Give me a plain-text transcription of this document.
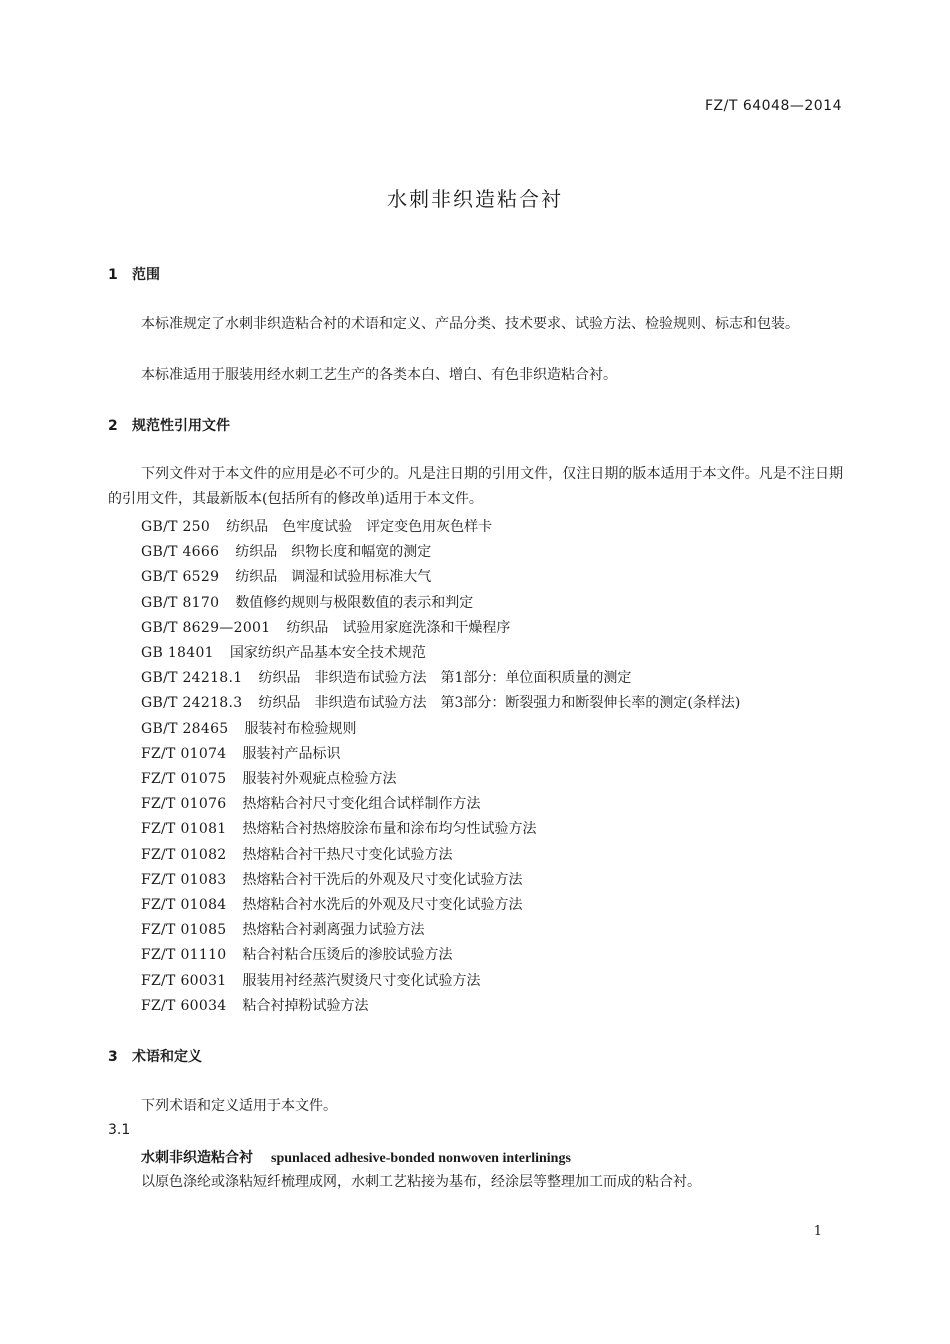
FZ/T 64048—2014
水刺非织造粘合衬
1 范围
本标准规定了水刺非织造粘合衬的术语和定义、产品分类、技术要求、试验方法、检验规则、标志和包装。
本标准适用于服装用经水刺工艺生产的各类本白、增白、有色非织造粘合衬。
2 规范性引用文件
下列文件对于本文件的应用是必不可少的。凡是注日期的引用文件，仅注日期的版本适用于本文件。凡是不注日期的引用文件，其最新版本(包括所有的修改单)适用于本文件。
GB/T 250 纺织品　色牢度试验　评定变色用灰色样卡
GB/T 4666 纺织品　织物长度和幅宽的测定
GB/T 6529 纺织品　调湿和试验用标准大气
GB/T 8170 数值修约规则与极限数值的表示和判定
GB/T 8629—2001 纺织品　试验用家庭洗涤和干燥程序
GB 18401 国家纺织产品基本安全技术规范
GB/T 24218.1 纺织品　非织造布试验方法　第1部分：单位面积质量的测定
GB/T 24218.3 纺织品　非织造布试验方法　第3部分：断裂强力和断裂伸长率的测定(条样法)
GB/T 28465 服装衬布检验规则
FZ/T 01074 服装衬产品标识
FZ/T 01075 服装衬外观疵点检验方法
FZ/T 01076 热熔粘合衬尺寸变化组合试样制作方法
FZ/T 01081 热熔粘合衬热熔胶涂布量和涂布均匀性试验方法
FZ/T 01082 热熔粘合衬干热尺寸变化试验方法
FZ/T 01083 热熔粘合衬干洗后的外观及尺寸变化试验方法
FZ/T 01084 热熔粘合衬水洗后的外观及尺寸变化试验方法
FZ/T 01085 热熔粘合衬剥离强力试验方法
FZ/T 01110 粘合衬粘合压烫后的渗胶试验方法
FZ/T 60031 服装用衬经蒸汽熨烫尺寸变化试验方法
FZ/T 60034 粘合衬掉粉试验方法
3 术语和定义
下列术语和定义适用于本文件。
3.1
水刺非织造粘合衬 spunlaced adhesive-bonded nonwoven interlinings
以原色涤纶或涤粘短纤梳理成网，水刺工艺粘接为基布，经涂层等整理加工而成的粘合衬。
1
